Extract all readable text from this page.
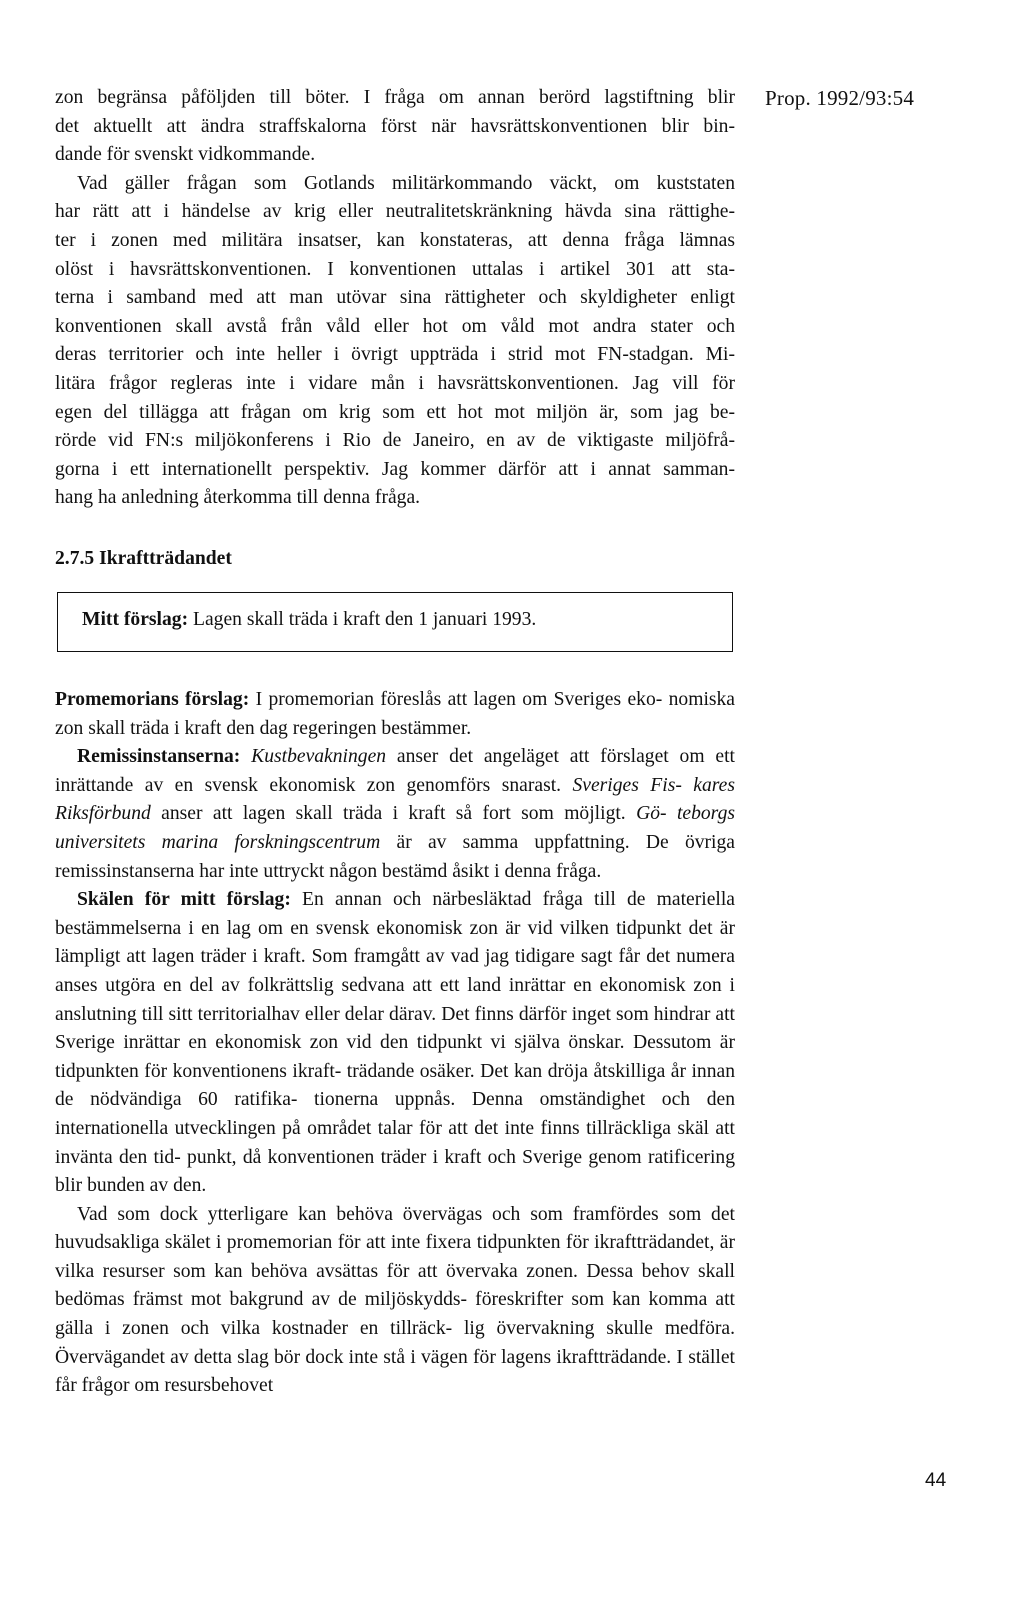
Prop. 1992/93:54

zon begränsa påföljden till böter. I fråga om annan berörd lagstiftning blir
det aktuellt att ändra straffskalorna först när havsrättskonventionen blir bin-
dande för svenskt vidkommande.

Vad gäller frågan som Gotlands militärkommando väckt, om kuststaten
har rätt att i händelse av krig eller neutralitetskränkning hävda sina rättighe-
ter i zonen med militära insatser, kan konstateras, att denna fråga lämnas
olöst i havsrättskonventionen. I konventionen uttalas i artikel 301 att sta-
terna i samband med att man utövar sina rättigheter och skyldigheter enligt
konventionen skall avstå från våld eller hot om våld mot andra stater och
deras territorier och inte heller i övrigt uppträda i strid mot FN-stadgan. Mi-
litära frågor regleras inte i vidare mån i havsrättskonventionen. Jag vill för
egen del tillägga att frågan om krig som ett hot mot miljön är, som jag be-
rörde vid FN:s miljökonferens i Rio de Janeiro, en av de viktigaste miljöfrå-
gorna i ett internationellt perspektiv. Jag kommer därför att i annat samman-
hang ha anledning återkomma till denna fråga.

2.7.5 Ikraftträdandet
Mitt förslag: Lagen skall träda i kraft den 1 januari 1993.

Promemorians förslag: I promemorian föreslås att lagen om Sveriges eko- nomiska zon skall träda i kraft den dag regeringen bestämmer.

Remissinstanserna: Kustbevakningen anser det angeläget att förslaget om ett inrättande av en svensk ekonomisk zon genomförs snarast. Sveriges Fis- kares Riksförbund anser att lagen skall träda i kraft så fort som möjligt. Gö- teborgs universitets marina forskningscentrum är av samma uppfattning. De övriga remissinstanserna har inte uttryckt någon bestämd åsikt i denna fråga.

Skälen för mitt förslag: En annan och närbesläktad fråga till de materiella bestämmelserna i en lag om en svensk ekonomisk zon är vid vilken tidpunkt det är lämpligt att lagen träder i kraft. Som framgått av vad jag tidigare sagt får det numera anses utgöra en del av folkrättslig sedvana att ett land inrättar en ekonomisk zon i anslutning till sitt territorialhav eller delar därav. Det finns därför inget som hindrar att Sverige inrättar en ekonomisk zon vid den tidpunkt vi själva önskar. Dessutom är tidpunkten för konventionens ikraft- trädande osäker. Det kan dröja åtskilliga år innan de nödvändiga 60 ratifika- tionerna uppnås. Denna omständighet och den internationella utvecklingen på området talar för att det inte finns tillräckliga skäl att invänta den tid- punkt, då konventionen träder i kraft och Sverige genom ratificering blir bunden av den.

Vad som dock ytterligare kan behöva övervägas och som framfördes som det huvudsakliga skälet i promemorian för att inte fixera tidpunkten för ikraftträdandet, är vilka resurser som kan behöva avsättas för att övervaka zonen. Dessa behov skall bedömas främst mot bakgrund av de miljöskydds- föreskrifter som kan komma att gälla i zonen och vilka kostnader en tillräck- lig övervakning skulle medföra. Övervägandet av detta slag bör dock inte stå i vägen för lagens ikraftträdande. I stället får frågor om resursbehovet

44
